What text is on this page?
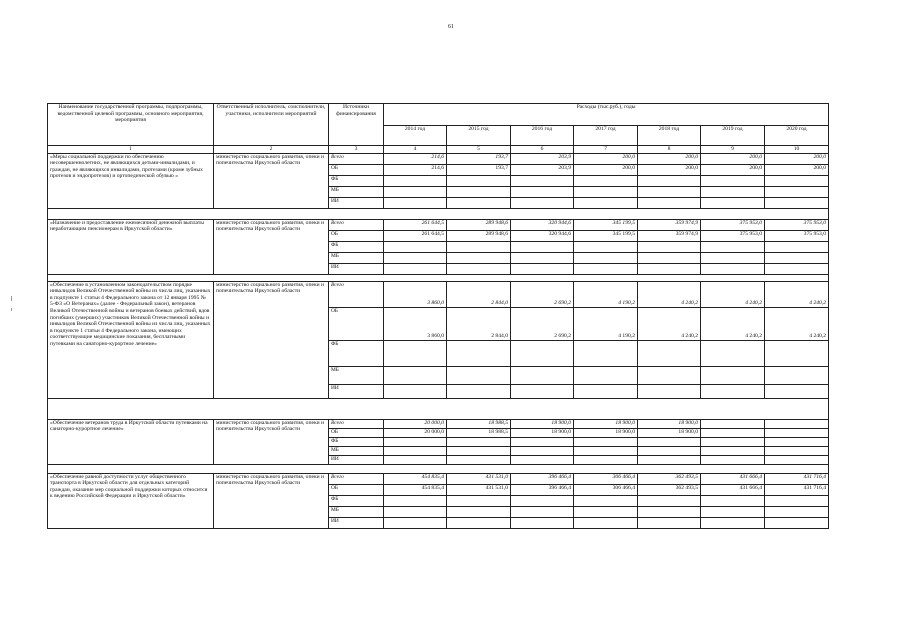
61
Наименование государственной программы, подпрограммы, ведомственной целевой программы, основного мероприятия, мероприятия	Ответственный исполнитель, соисполнители, участники, исполнители мероприятий	Источники финансирования	Расходы (тыс.руб.), годы						
			2014 год	2015 год	2016 год	2017 год	2018 год	2019 год	2020 год
1	2	3	4	5	6	7	8	9	10
«Меры социальной поддержки по обеспечению несовершеннолетних, не являющихся детьми-инвалидами, и граждан, не являющихся инвалидами, протезами (кроме зубных протезов и эндопротезов) и ортопедической обувью »	министерство социального развития, опеки и попечительства Иркутской области	Всего	214,6	193,7	203,9	200,0	200,0	200,0	200,0
		ОБ	214,6	193,7	203,9	200,0	200,0	200,0	200,0
		ФБ							
		МБ							
		ИИ							

«Назначение и предоставление ежемесячной денежной выплаты неработающим пенсионерам в Иркутской области»	министерство социального развития, опеки и попечительства Иркутской области	Всего	261 644,5	289 948,6	320 944,6	345 199,5	359 974,9	375 953,0	375 953,0
		ОБ	261 644,5	289 948,6	320 944,6	345 199,5	359 974,9	375 953,0	375 953,0
		ФБ							
		МБ							
		ИИ							

«Обеспечение в установленном законодательством порядке инвалидов Великой Отечественной войны из числа лиц, указанных в подпункте 1 статьи 4 Федерального закона от 12 января 1995 № 5-ФЗ «О Ветеранах» (далее - Федеральный закон), ветеранов Великой Отечественной войны и ветеранов боевых действий, вдов погибших (умерших) участников Великой Отечественной войны и инвалидов Великой Отечественной войны из числа лиц, указанных в подпункте 1 статьи 4 Федерального закона, имеющих соответствующие медицинские показания, бесплатными путевками на санаторно-курортное лечение»	министерство социального развития, опеки и попечительства Иркутской области	Всего	3 860,0	2 844,0	2 690,2	4 190,2	4 240,2	4 240,2	4 240,2
		ОБ	3 860,0	2 844,0	2 690,2	4 190,2	4 240,2	4 240,2	4 240,2
		ФБ							
		МБ							
		ИИ							

«Обеспечение ветеранов труда в Иркутской области путевками на санаторно-курортное лечение»	министерство социального развития, опеки и попечительства Иркутской области	Всего	20 000,0	18 988,5	18 900,0	18 900,0	18 900,0		
		ОБ	20 000,0	18 988,5	18 900,0	18 900,0	18 900,0		
		ФБ							
		МБ							
		ИИ							

«Обеспечение равной доступности услуг общественного транспорта в Иркутской области для отдельных категорий граждан, оказание мер социальной поддержки которых относится к ведению Российской Федерации и Иркутской области»	министерство социального развития, опеки и попечительства Иркутской области	Всего	454 835,4	431 531,0	396 466,4	306 466,4	362 493,5	431 666,4	431 716,4
		ОБ	454 835,4	431 531,0	396 466,4	306 466,4	362 493,5	431 666,4	431 716,4
		ФБ							
		МБ							
		ИИ							
